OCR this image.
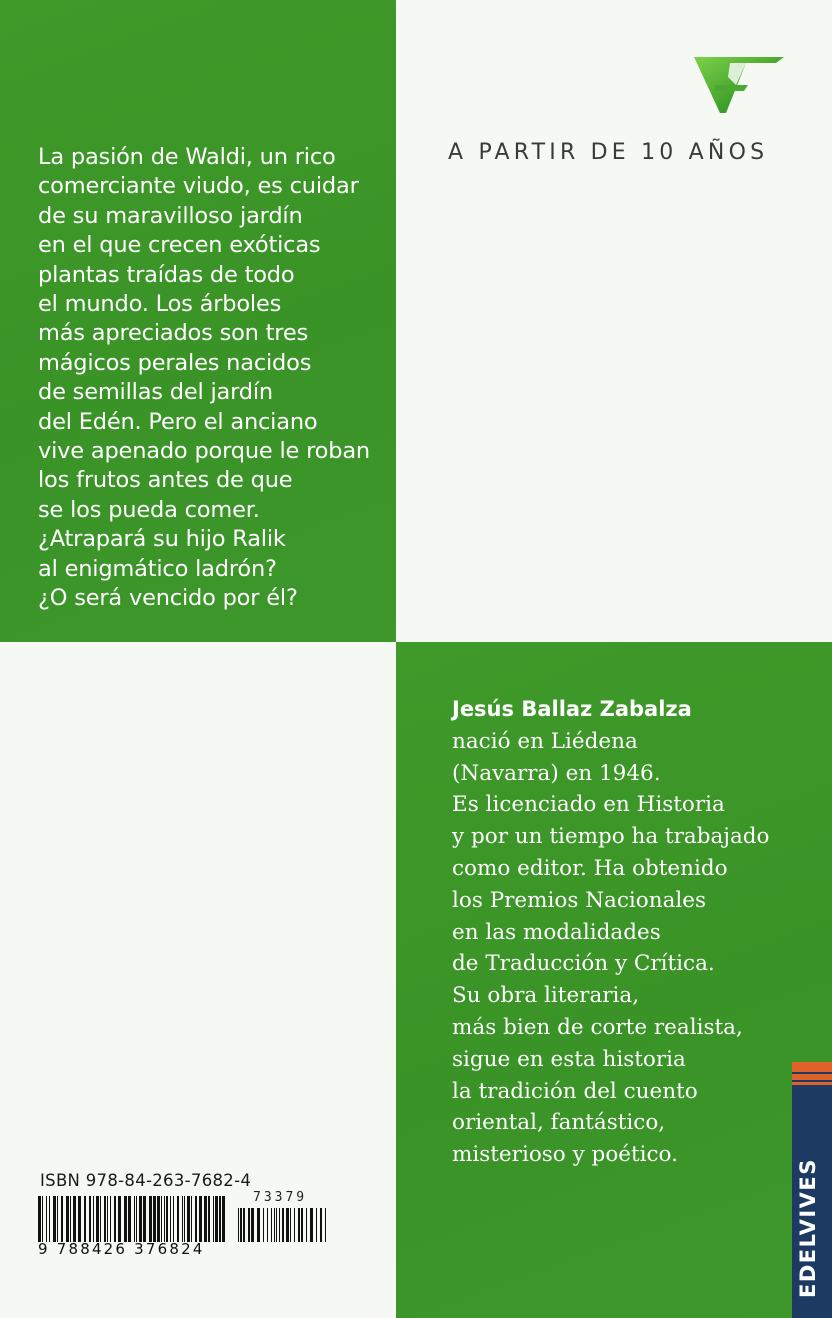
La pasión de Waldi, un rico
comerciante viudo, es cuidar
de su maravilloso jardín
en el que crecen exóticas
plantas traídas de todo
el mundo. Los árboles
más apreciados son tres
mágicos perales nacidos
de semillas del jardín
del Edén. Pero el anciano
vive apenado porque le roban
los frutos antes de que
se los pueda comer.
¿Atrapará su hijo Ralik
al enigmático ladrón?
¿O será vencido por él?
A PARTIR DE 10 AÑOS
Jesús Ballaz Zabalza
nació en Liédena
(Navarra) en 1946.
Es licenciado en Historia
y por un tiempo ha trabajado
como editor. Ha obtenido
los Premios Nacionales
en las modalidades
de Traducción y Crítica.
Su obra literaria,
más bien de corte realista,
sigue en esta historia
la tradición del cuento
oriental, fantástico,
misterioso y poético.
ISBN 978-84-263-7682-4
73379
9 788426 376824	EDELVIVES
